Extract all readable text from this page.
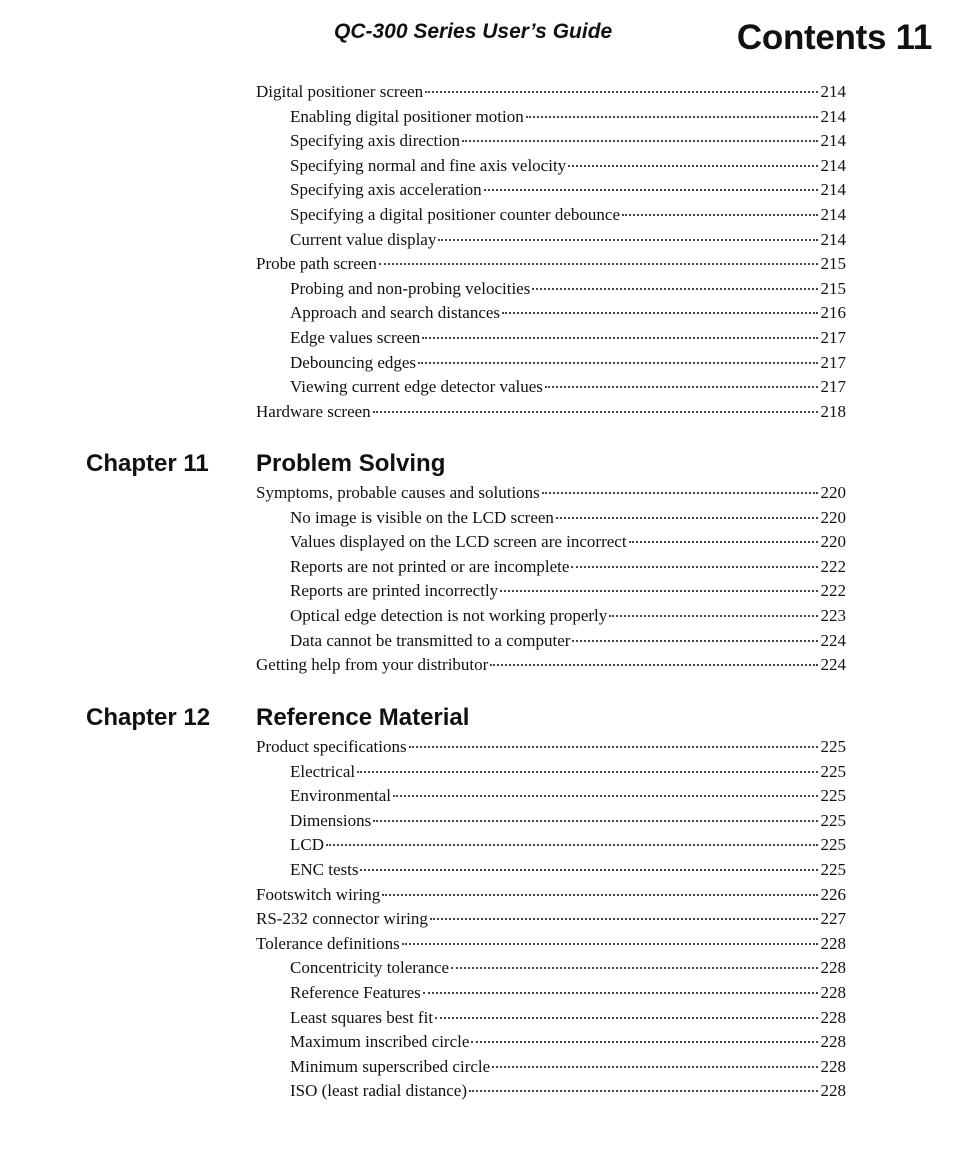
QC-300 Series User’s Guide	Contents 11
Digital positioner screen	214
Enabling digital positioner motion	214
Specifying axis direction	214
Specifying normal and fine axis velocity	214
Specifying axis acceleration	214
Specifying a digital positioner counter debounce	214
Current value display	214
Probe path screen	215
Probing and non-probing velocities	215
Approach and search distances	216
Edge values screen	217
Debouncing edges	217
Viewing current edge detector values	217
Hardware screen	218
Chapter 11 Problem Solving
Symptoms, probable causes and solutions	220
No image is visible on the LCD screen	220
Values displayed on the LCD screen are incorrect	220
Reports are not printed or are incomplete	222
Reports are printed incorrectly	222
Optical edge detection is not working properly	223
Data cannot be transmitted to a computer	224
Getting help from your distributor	224
Chapter 12 Reference Material
Product specifications	225
Electrical	225
Environmental	225
Dimensions	225
LCD	225
ENC tests	225
Footswitch wiring	226
RS-232 connector wiring	227
Tolerance definitions	228
Concentricity tolerance	228
Reference Features	228
Least squares best fit	228
Maximum inscribed circle	228
Minimum superscribed circle	228
ISO (least radial distance)	228
